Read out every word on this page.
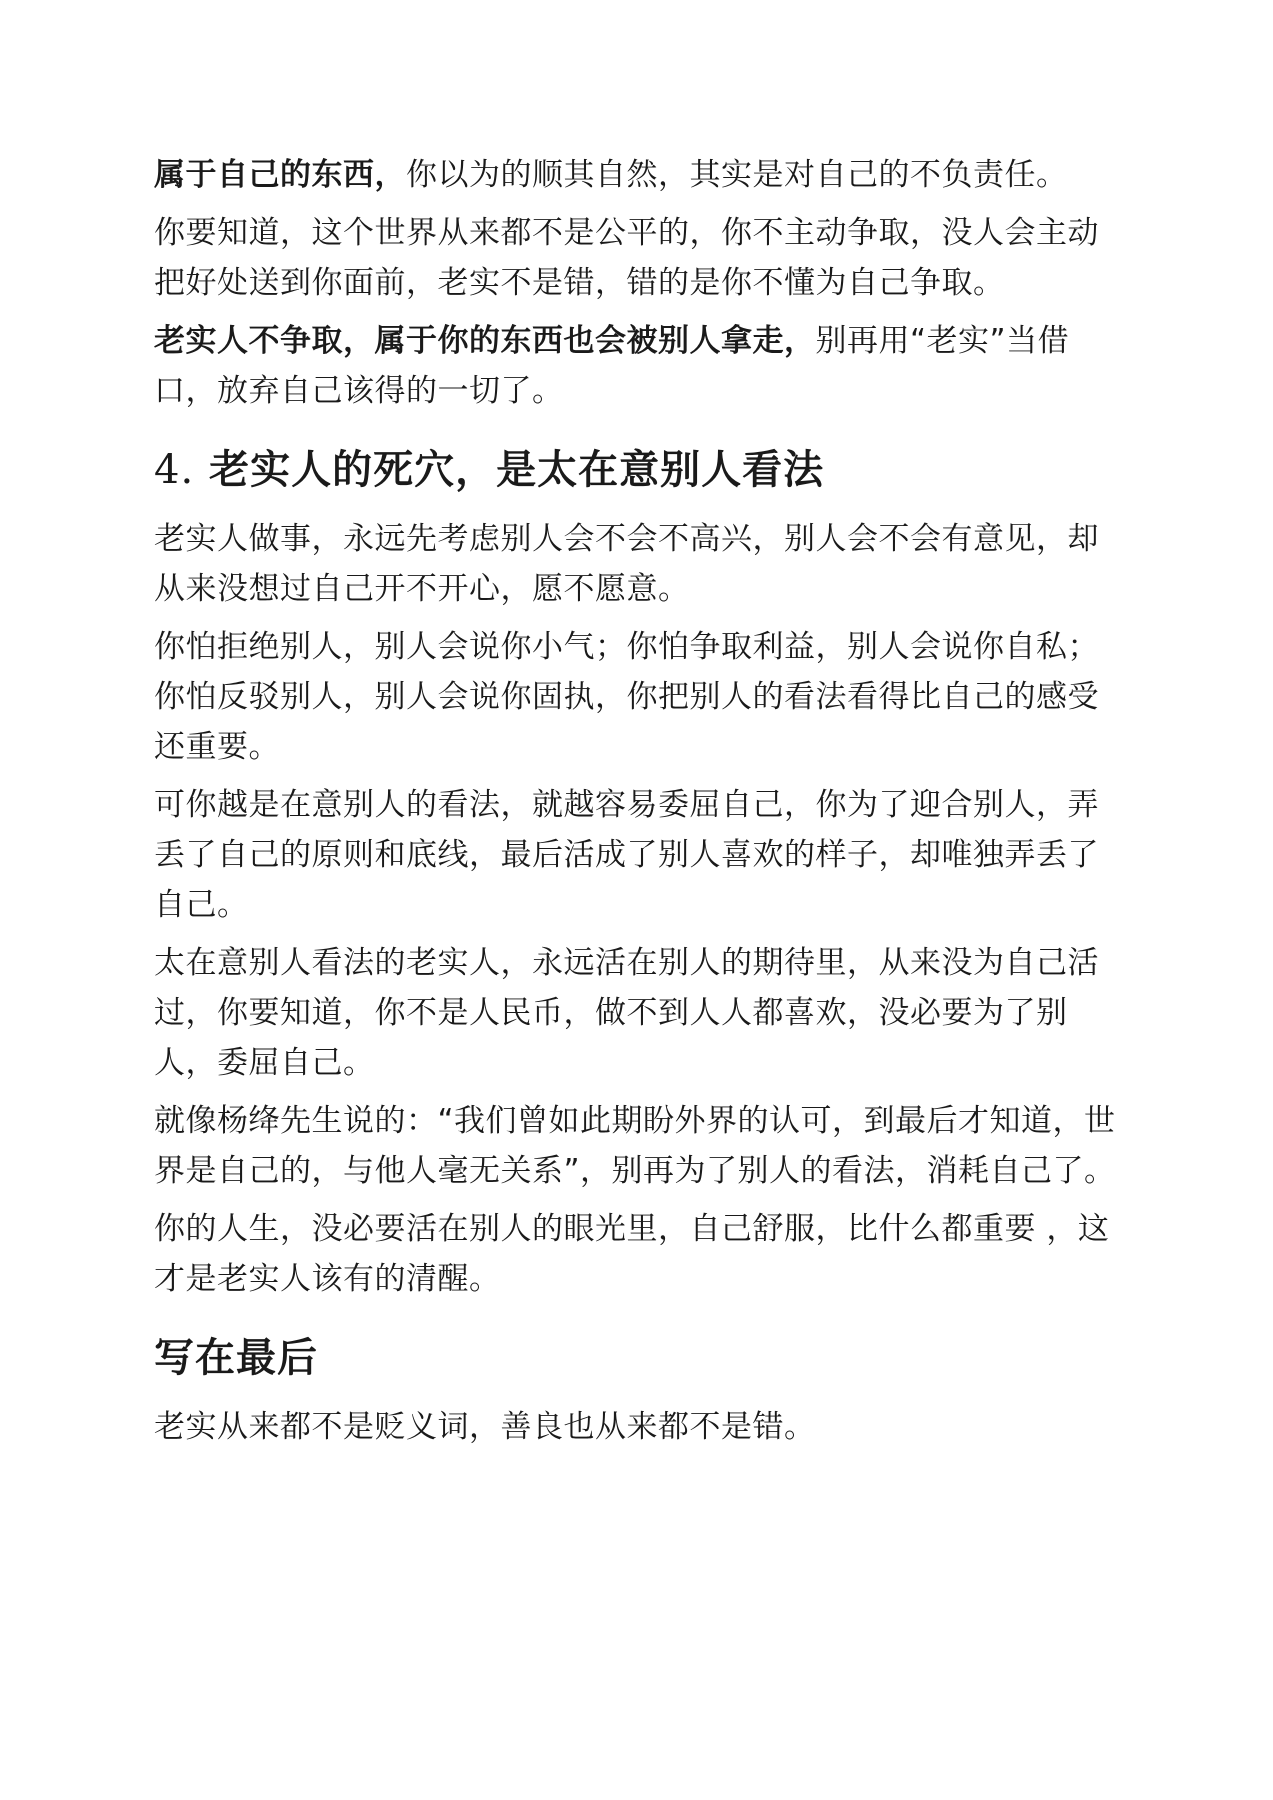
属于自己的东西，你以为的顺其自然，其实是对自己的不负责任。

你要知道，这个世界从来都不是公平的，你不主动争取，没人会主动把好处送到你面前，老实不是错，错的是你不懂为自己争取。

老实人不争取，属于你的东西也会被别人拿走，别再用“老实”当借口，放弃自己该得的一切了。

4. 老实人的死穴，是太在意别人看法

老实人做事，永远先考虑别人会不会不高兴，别人会不会有意见，却从来没想过自己开不开心，愿不愿意。

你怕拒绝别人，别人会说你小气；你怕争取利益，别人会说你自私；你怕反驳别人，别人会说你固执，你把别人的看法看得比自己的感受还重要。

可你越是在意别人的看法，就越容易委屈自己，你为了迎合别人，弄丢了自己的原则和底线，最后活成了别人喜欢的样子，却唯独弄丢了自己。

太在意别人看法的老实人，永远活在别人的期待里，从来没为自己活过，你要知道，你不是人民币，做不到人人都喜欢，没必要为了别人，委屈自己。

就像杨绛先生说的：“我们曾如此期盼外界的认可，到最后才知道，世界是自己的，与他人毫无关系”，别再为了别人的看法，消耗自己了。

你的人生，没必要活在别人的眼光里，自己舒服，比什么都重要 ，这才是老实人该有的清醒。

写在最后

老实从来都不是贬义词，善良也从来都不是错。
